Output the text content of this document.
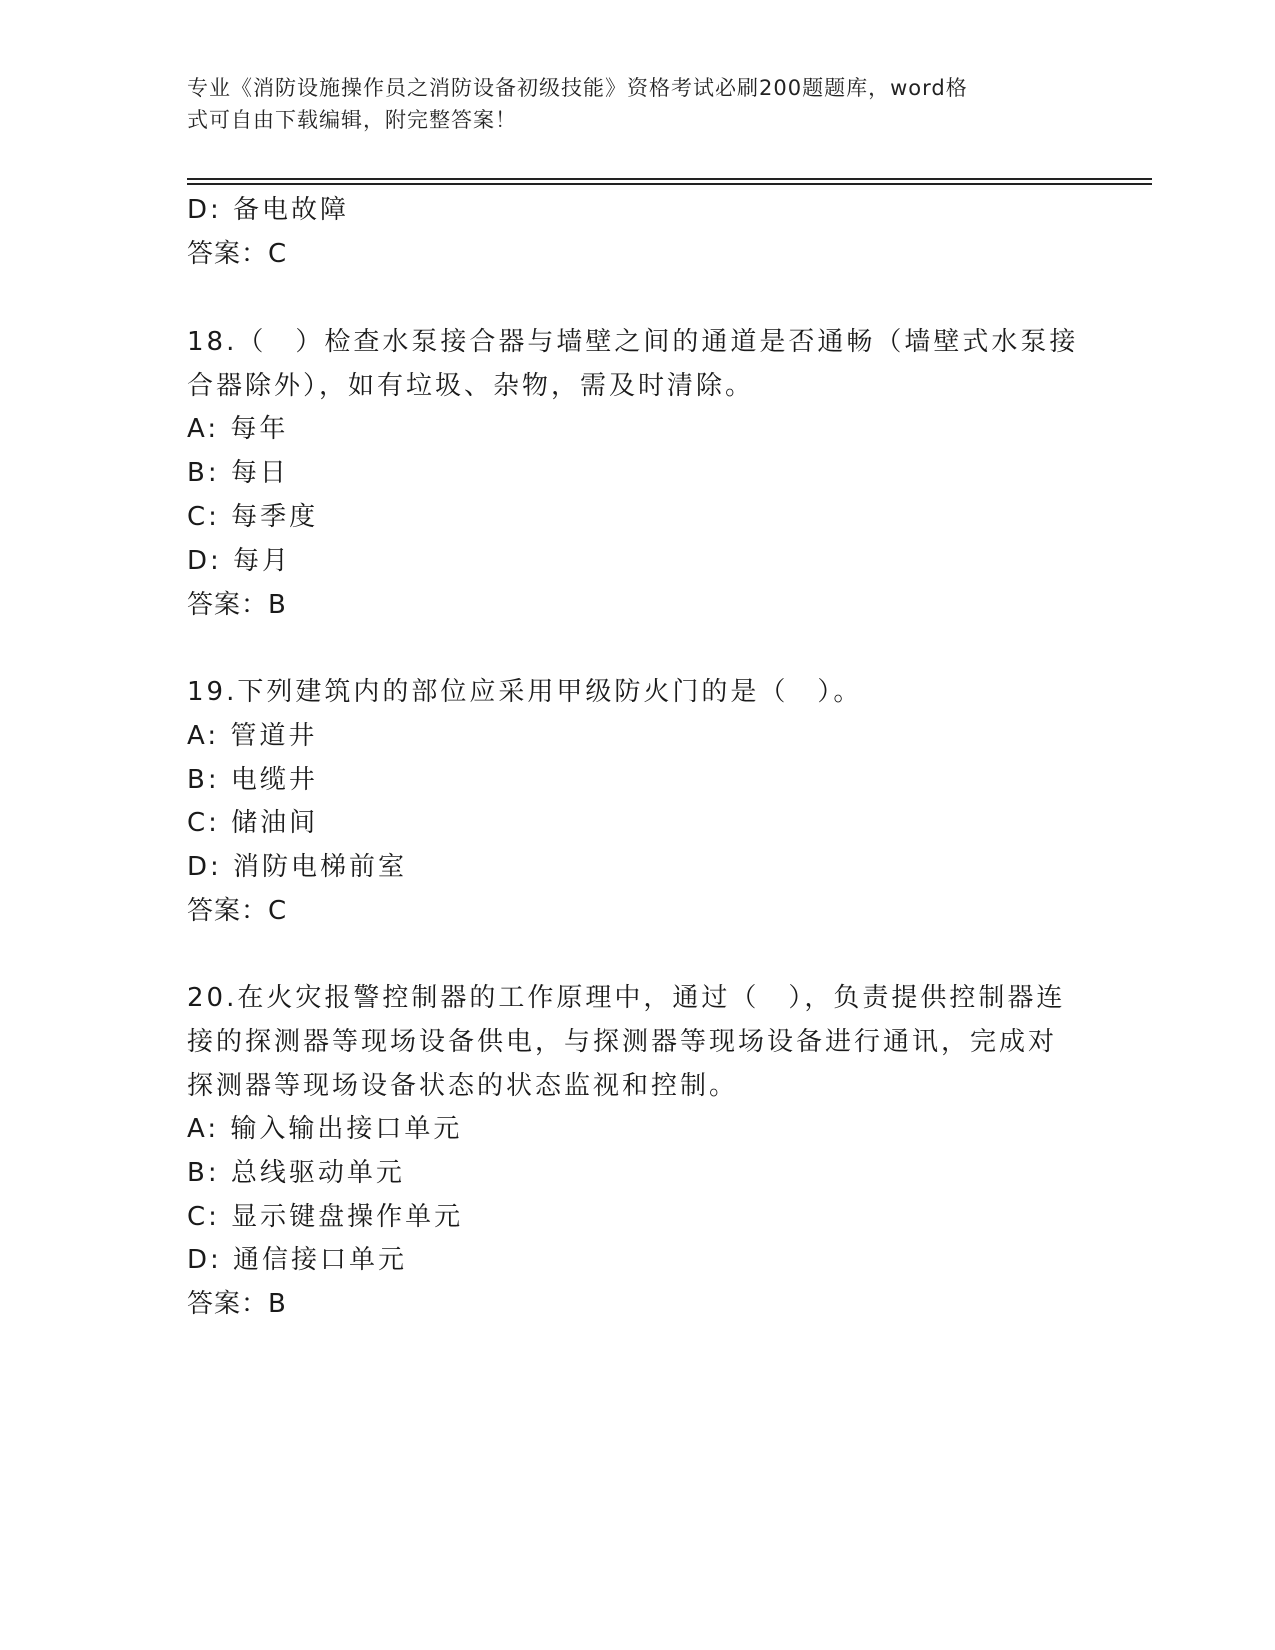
专业《消防设施操作员之消防设备初级技能》资格考试必刷200题题库，word格
式可自由下载编辑，附完整答案！
D: 备电故障
答案：C
18.（　）检查水泵接合器与墙壁之间的通道是否通畅（墙壁式水泵接
合器除外），如有垃圾、杂物，需及时清除。
A: 每年
B: 每日
C: 每季度
D: 每月
答案：B
19.下列建筑内的部位应采用甲级防火门的是（　）。
A: 管道井
B: 电缆井
C: 储油间
D: 消防电梯前室
答案：C
20.在火灾报警控制器的工作原理中，通过（　），负责提供控制器连
接的探测器等现场设备供电，与探测器等现场设备进行通讯，完成对
探测器等现场设备状态的状态监视和控制。
A: 输入输出接口单元
B: 总线驱动单元
C: 显示键盘操作单元
D: 通信接口单元
答案：B
